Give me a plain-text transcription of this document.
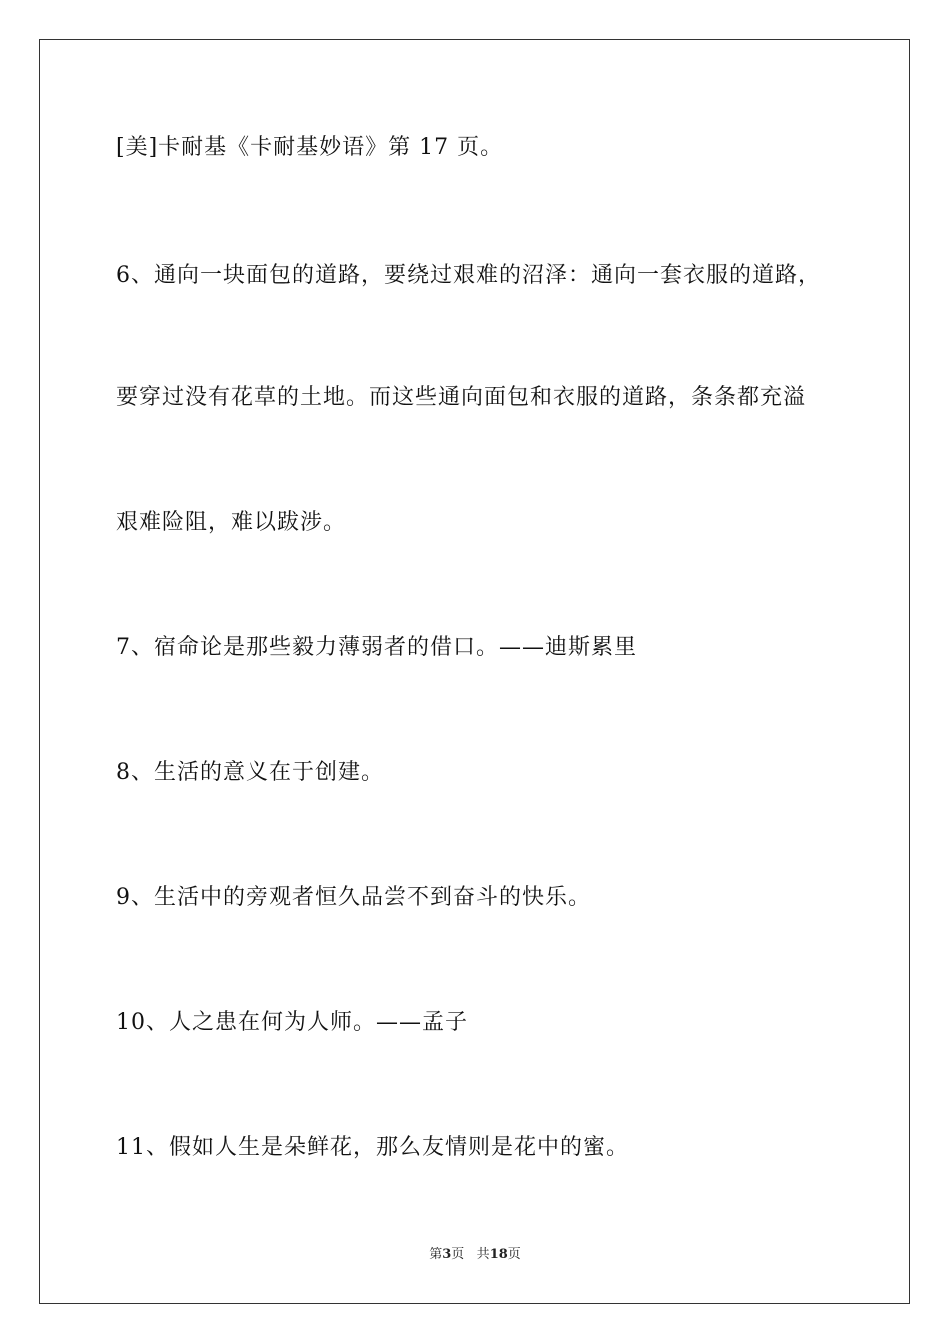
[美]卡耐基《卡耐基妙语》第 17 页。
6、通向一块面包的道路，要绕过艰难的沼泽：通向一套衣服的道路，
要穿过没有花草的土地。而这些通向面包和衣服的道路，条条都充溢
艰难险阻，难以跋涉。
7、宿命论是那些毅力薄弱者的借口。——迪斯累里
8、生活的意义在于创建。
9、生活中的旁观者恒久品尝不到奋斗的快乐。
10、人之患在何为人师。——孟子
11、假如人生是朵鲜花，那么友情则是花中的蜜。
第3页 共18页
